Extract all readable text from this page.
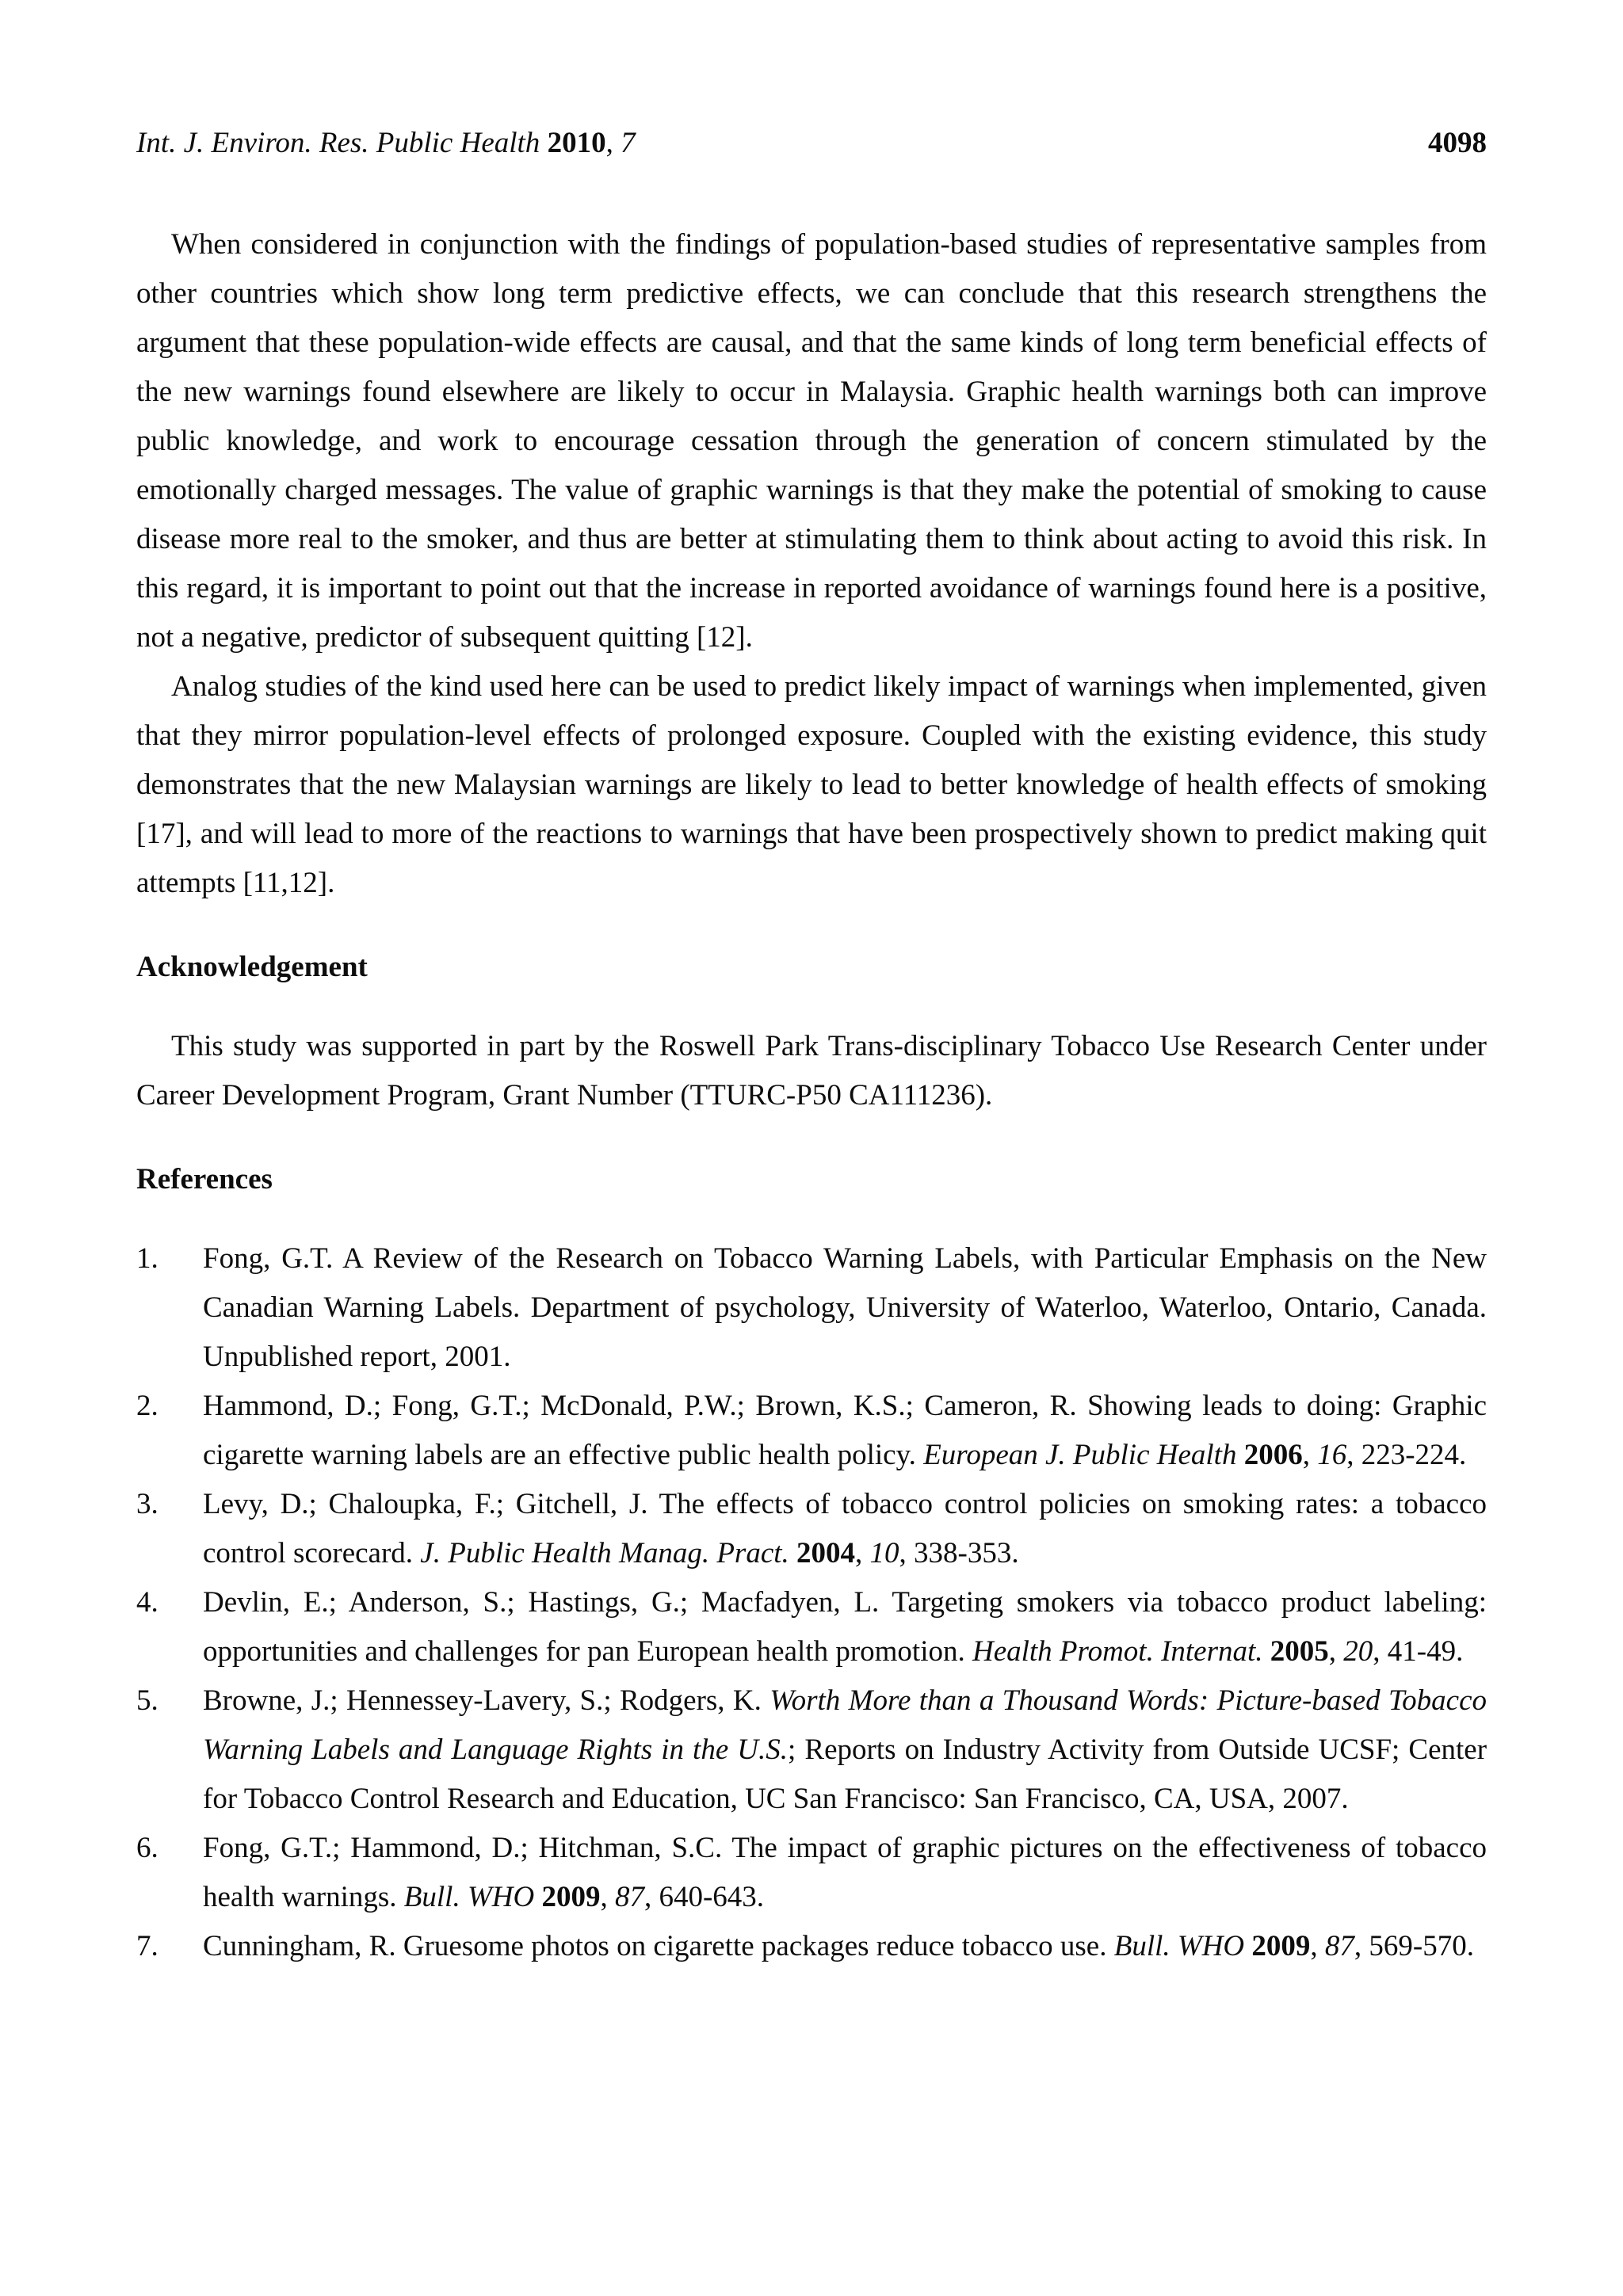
Int. J. Environ. Res. Public Health 2010, 7	4098

When considered in conjunction with the findings of population-based studies of representative samples from other countries which show long term predictive effects, we can conclude that this research strengthens the argument that these population-wide effects are causal, and that the same kinds of long term beneficial effects of the new warnings found elsewhere are likely to occur in Malaysia. Graphic health warnings both can improve public knowledge, and work to encourage cessation through the generation of concern stimulated by the emotionally charged messages. The value of graphic warnings is that they make the potential of smoking to cause disease more real to the smoker, and thus are better at stimulating them to think about acting to avoid this risk. In this regard, it is important to point out that the increase in reported avoidance of warnings found here is a positive, not a negative, predictor of subsequent quitting [12].

Analog studies of the kind used here can be used to predict likely impact of warnings when implemented, given that they mirror population-level effects of prolonged exposure. Coupled with the existing evidence, this study demonstrates that the new Malaysian warnings are likely to lead to better knowledge of health effects of smoking [17], and will lead to more of the reactions to warnings that have been prospectively shown to predict making quit attempts [11,12].

Acknowledgement

This study was supported in part by the Roswell Park Trans-disciplinary Tobacco Use Research Center under Career Development Program, Grant Number (TTURC-P50 CA111236).

References
1.	Fong, G.T. A Review of the Research on Tobacco Warning Labels, with Particular Emphasis on the New Canadian Warning Labels. Department of psychology, University of Waterloo, Waterloo, Ontario, Canada. Unpublished report, 2001.
2.	Hammond, D.; Fong, G.T.; McDonald, P.W.; Brown, K.S.; Cameron, R. Showing leads to doing: Graphic cigarette warning labels are an effective public health policy. European J. Public Health 2006, 16, 223-224.
3.	Levy, D.; Chaloupka, F.; Gitchell, J. The effects of tobacco control policies on smoking rates: a tobacco control scorecard. J. Public Health Manag. Pract. 2004, 10, 338-353.
4.	Devlin, E.; Anderson, S.; Hastings, G.; Macfadyen, L. Targeting smokers via tobacco product labeling: opportunities and challenges for pan European health promotion. Health Promot. Internat. 2005, 20, 41-49.
5.	Browne, J.; Hennessey-Lavery, S.; Rodgers, K. Worth More than a Thousand Words: Picture-based Tobacco Warning Labels and Language Rights in the U.S.; Reports on Industry Activity from Outside UCSF; Center for Tobacco Control Research and Education, UC San Francisco: San Francisco, CA, USA, 2007.
6.	Fong, G.T.; Hammond, D.; Hitchman, S.C. The impact of graphic pictures on the effectiveness of tobacco health warnings. Bull. WHO 2009, 87, 640-643.
7.	Cunningham, R. Gruesome photos on cigarette packages reduce tobacco use. Bull. WHO 2009, 87, 569-570.
